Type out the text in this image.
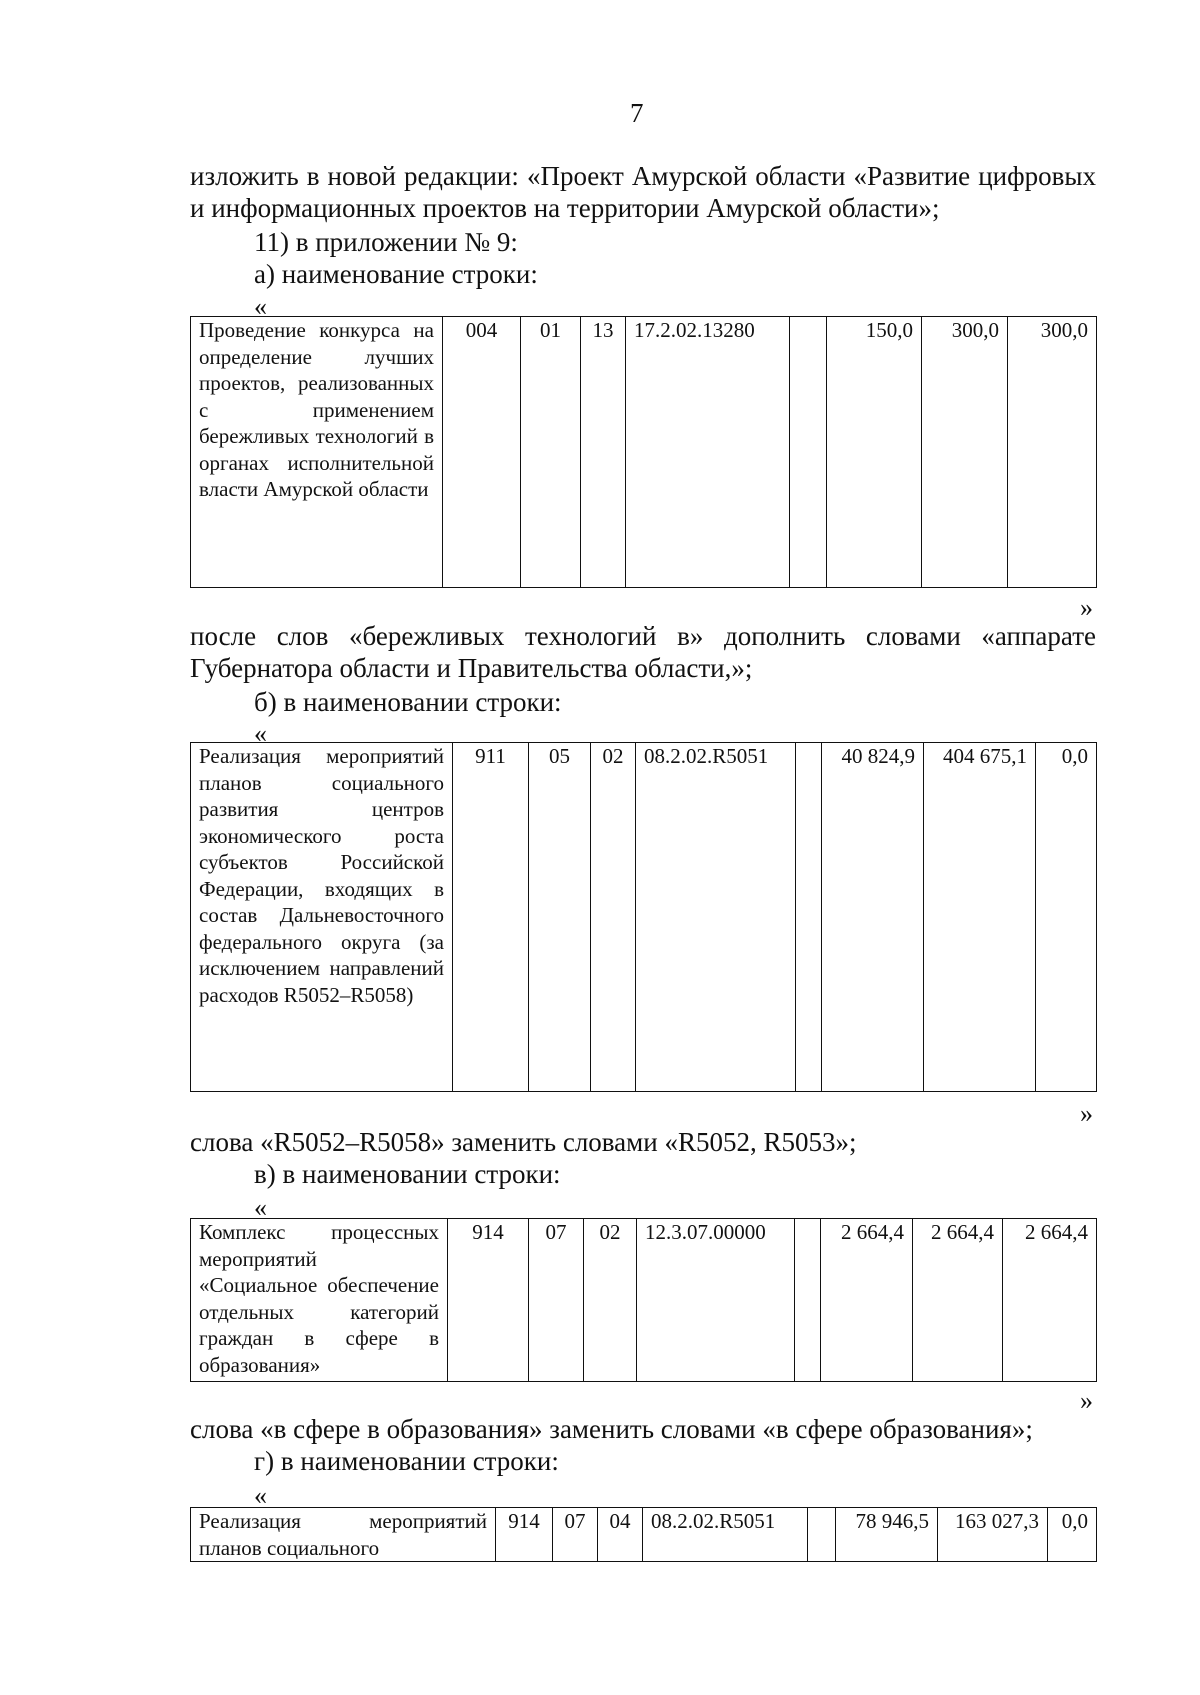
7
изложить в новой редакции: «Проект Амурской области «Развитие цифровых
и информационных проектов на территории Амурской области»;
11) в приложении № 9:
а) наименование строки:
«
Проведение конкурса на определение лучших проектов, реализованных с применением бережливых технологий в органах исполнительной власти Амурской области	004	01	13	17.2.02.13280		150,0	300,0	300,0
»
после слов «бережливых технологий в» дополнить словами «аппарате
Губернатора области и Правительства области,»;
б) в наименовании строки:
«
Реализация мероприятий планов социального развития центров экономического роста субъектов Российской Федерации, входящих в состав Дальневосточного федерального округа (за исключением направлений расходов R5052–R5058)	911	05	02	08.2.02.R5051		40 824,9	404 675,1	0,0
»
слова «R5052–R5058» заменить словами «R5052, R5053»;
в) в наименовании строки:
«
Комплекс процессных мероприятий «Социальное обеспечение отдельных категорий граждан в сфере в образования»	914	07	02	12.3.07.00000		2 664,4	2 664,4	2 664,4
»
слова «в сфере в образования» заменить словами «в сфере образования»;
г) в наименовании строки:
«
Реализация мероприятий планов социального	914	07	04	08.2.02.R5051		78 946,5	163 027,3	0,0
